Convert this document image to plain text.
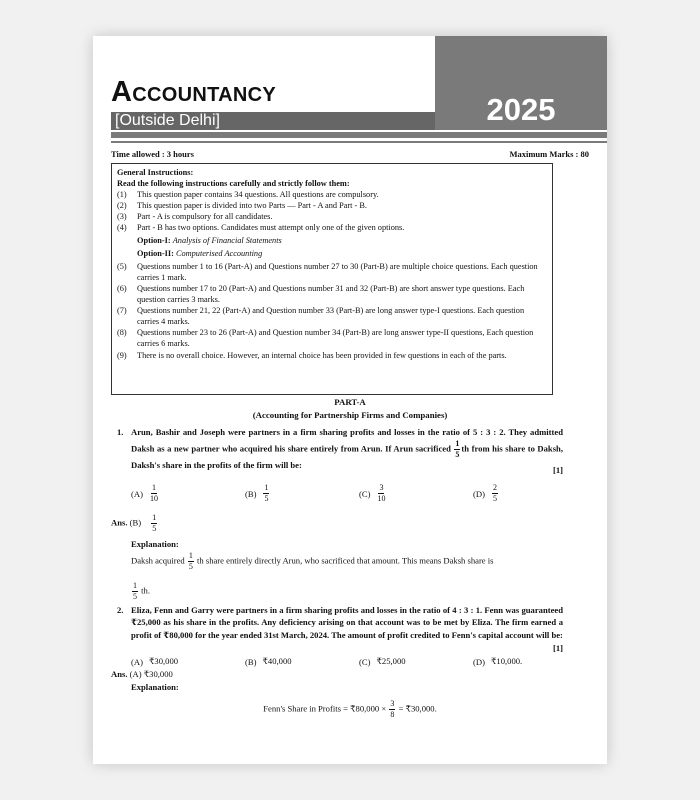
2025
Accountancy
[Outside Delhi]
Time allowed : 3 hours	Maximum Marks : 80
General Instructions:
Read the following instructions carefully and strictly follow them:
(1)	This question paper contains 34 questions. All questions are compulsory.
(2)	This question paper is divided into two Parts — Part - A and Part - B.
(3)	Part - A is compulsory for all candidates.
(4)	Part - B has two options. Candidates must attempt only one of the given options.
Option-I: Analysis of Financial Statements
Option-II: Computerised Accounting
(5)	Questions number 1 to 16 (Part-A) and Questions number 27 to 30 (Part-B) are multiple choice questions. Each question carries 1 mark.
(6)	Questions number 17 to 20 (Part-A) and Questions number 31 and 32 (Part-B) are short answer type questions. Each question carries 3 marks.
(7)	Questions number 21, 22 (Part-A) and Question number 33 (Part-B) are long answer type-I questions. Each question carries 4 marks.
(8)	Questions number 23 to 26 (Part-A) and Question number 34 (Part-B) are long answer type-II questions, Each question carries 6 marks.
(9)	There is no overall choice. However, an internal choice has been provided in few questions in each of the parts.
PART-A
(Accounting for Partnership Firms and Companies)
1. Arun, Bashir and Joseph were partners in a firm sharing profits and losses in the ratio of 5 : 3 : 2. They admitted Daksh as a new partner who acquired his share entirely from Arun. If Arun sacrificed $\frac{1}{5}$ th from his share to Daksh, Daksh's share in the profits of the firm will be:
[1]
$(A) \frac{1}{10}$	$(B) \frac{1}{5}$	$(C) \frac{3}{10}$	$(D) \frac{2}{5}$
Ans. $(B) \frac{1}{5}$
Explanation:
Daksh acquired $\frac{1}{5}$ th share entirely directly Arun, who sacrificed that amount. This means Daksh share is
$\frac{1}{5}$ th.
2. Eliza, Fenn and Garry were partners in a firm sharing profits and losses in the ratio of 4 : 3 : 1. Fenn was guaranteed ₹25,000 as his share in the profits. Any deficiency arising on that account was to be met by Eliza. The firm earned a profit of ₹80,000 for the year ended 31st March, 2024. The amount of profit credited to Fenn's capital account will be:
[1]
(A) ₹30,000	(B) ₹40,000	(C) ₹25,000	(D) ₹10,000.
Ans. (A) ₹30,000
Explanation:
Fenn's Share in Profits = ₹80,000 × $\frac{3}{8}$ = ₹30,000.
